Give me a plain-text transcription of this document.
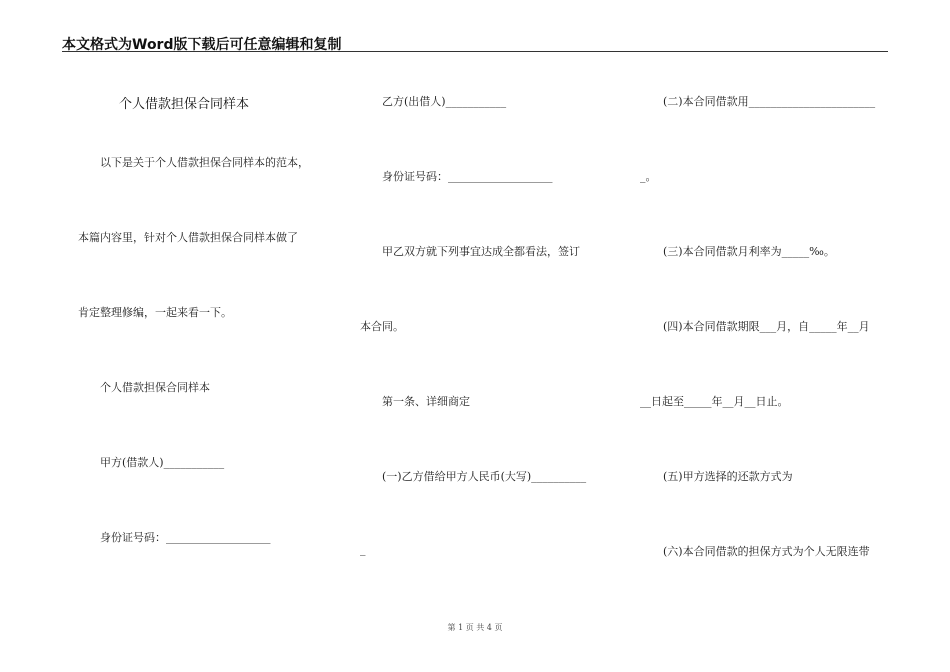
本文格式为Word版下载后可任意编辑和复制
个人借款担保合同样本
以下是关于个人借款担保合同样本的范本，
本篇内容里，针对个人借款担保合同样本做了
肯定整理修编，一起来看一下。
个人借款担保合同样本
甲方(借款人)___________
身份证号码：___________________
乙方(出借人)___________
身份证号码：___________________
甲乙双方就下列事宜达成全都看法，签订
本合同。
第一条、详细商定
(一)乙方借给甲方人民币(大写)__________
_
(二)本合同借款用_______________________
_。
(三)本合同借款月利率为_____‰。
(四)本合同借款期限___月，自_____年__月
__日起至_____年__月__日止。
(五)甲方选择的还款方式为
(六)本合同借款的担保方式为个人无限连带
第 1 页 共 4 页
